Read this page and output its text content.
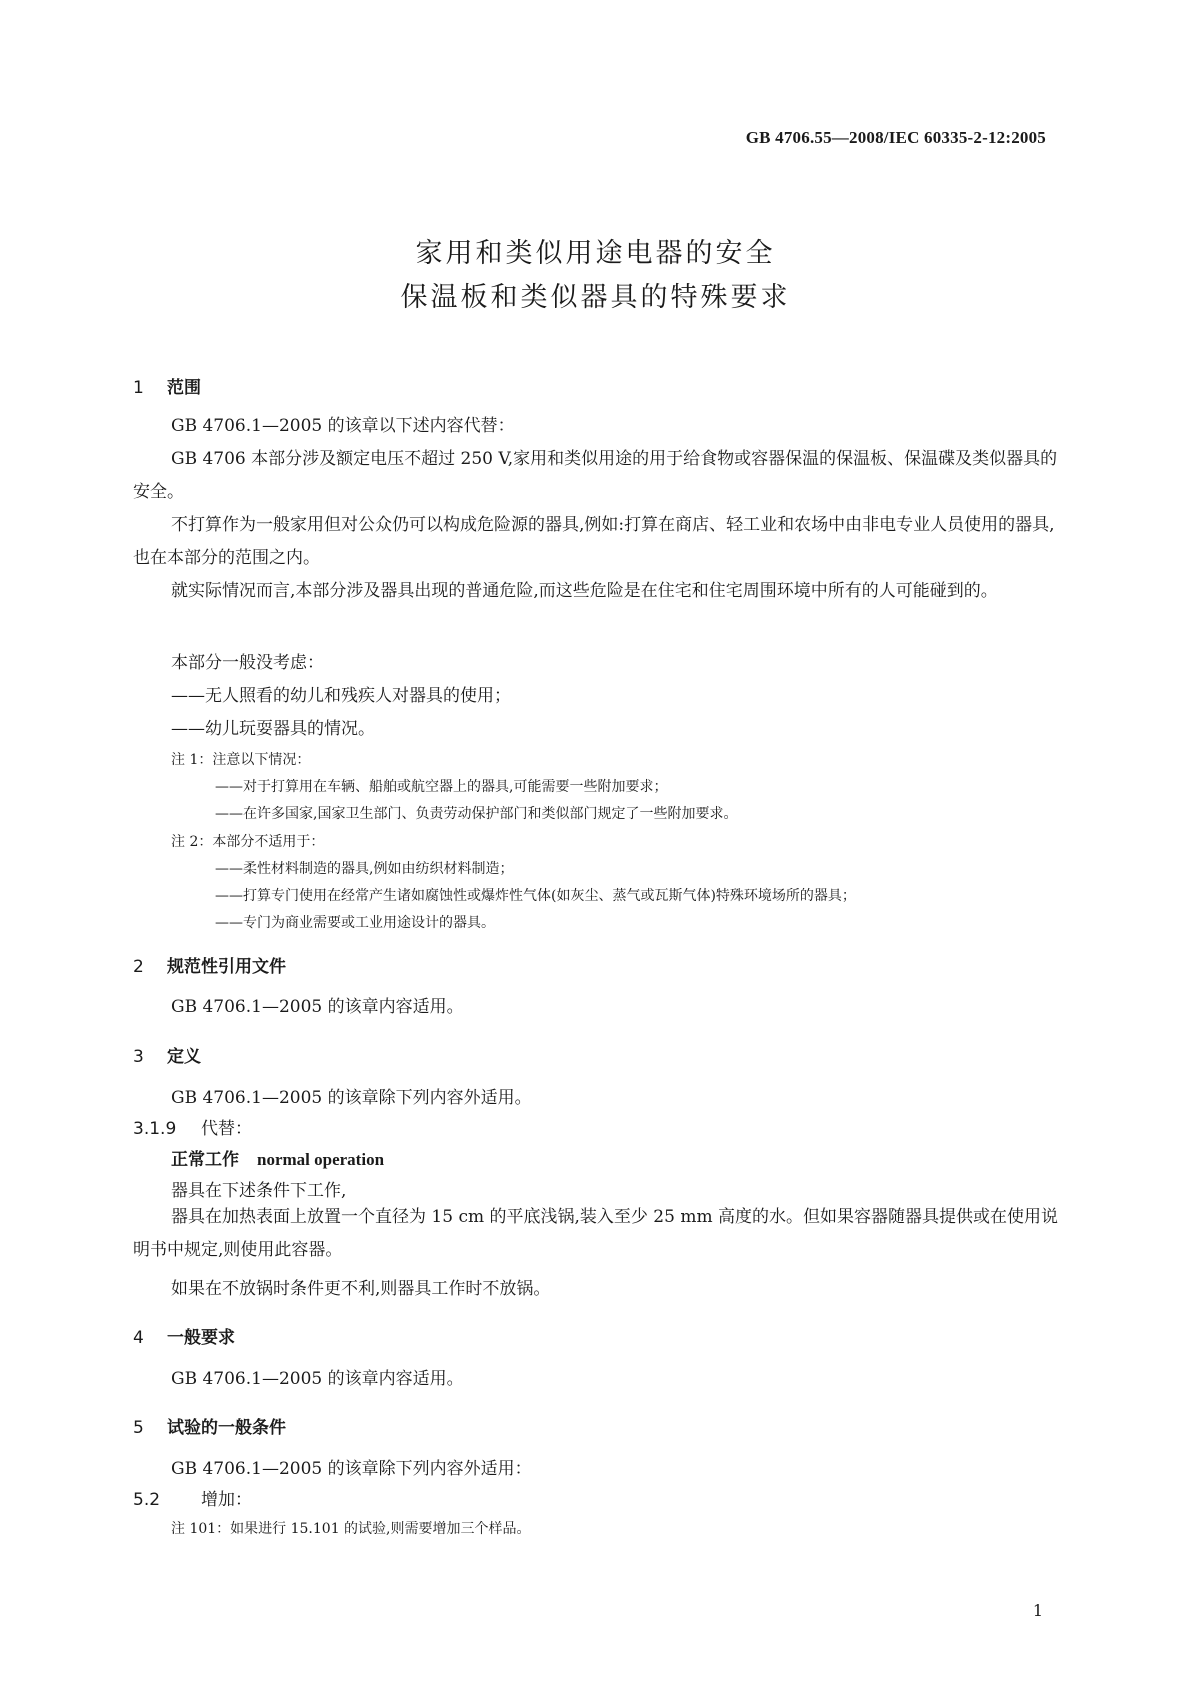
GB 4706.55—2008/IEC 60335-2-12:2005
家用和类似用途电器的安全
保温板和类似器具的特殊要求
1 范围

GB 4706.1—2005 的该章以下述内容代替：

GB 4706 本部分涉及额定电压不超过 250 V,家用和类似用途的用于给食物或容器保温的保温板、保温碟及类似器具的安全。

不打算作为一般家用但对公众仍可以构成危险源的器具,例如:打算在商店、轻工业和农场中由非电专业人员使用的器具,也在本部分的范围之内。

就实际情况而言,本部分涉及器具出现的普通危险,而这些危险是在住宅和住宅周围环境中所有的人可能碰到的。

本部分一般没考虑：
——无人照看的幼儿和残疾人对器具的使用；
——幼儿玩耍器具的情况。
注 1：注意以下情况：
——对于打算用在车辆、船舶或航空器上的器具,可能需要一些附加要求；
——在许多国家,国家卫生部门、负责劳动保护部门和类似部门规定了一些附加要求。
注 2：本部分不适用于：
——柔性材料制造的器具,例如由纺织材料制造；
——打算专门使用在经常产生诸如腐蚀性或爆炸性气体(如灰尘、蒸气或瓦斯气体)特殊环境场所的器具；
——专门为商业需要或工业用途设计的器具。
2 规范性引用文件
GB 4706.1—2005 的该章内容适用。
3 定义
GB 4706.1—2005 的该章除下列内容外适用。
3.1.9 代替：
正常工作 normal operation
器具在下述条件下工作,

器具在加热表面上放置一个直径为 15 cm 的平底浅锅,装入至少 25 mm 高度的水。但如果容器随器具提供或在使用说明书中规定,则使用此容器。

如果在不放锅时条件更不利,则器具工作时不放锅。
4 一般要求
GB 4706.1—2005 的该章内容适用。
5 试验的一般条件
GB 4706.1—2005 的该章除下列内容外适用：
5.2 增加：
注 101：如果进行 15.101 的试验,则需要增加三个样品。
1
